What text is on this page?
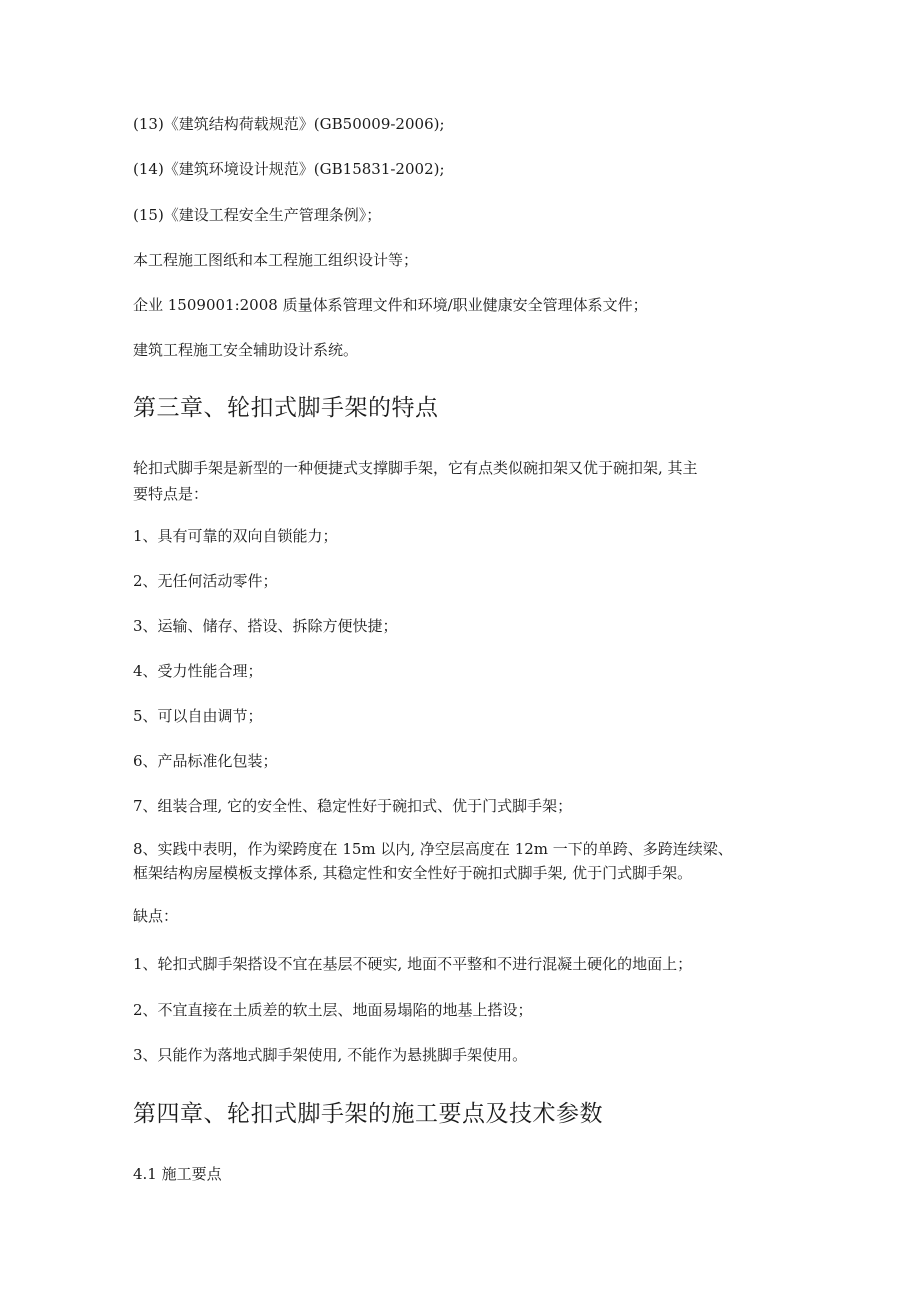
(13)《建筑结构荷载规范》(GB50009-2006);
(14)《建筑环境设计规范》(GB15831-2002);
(15)《建设工程安全生产管理条例》；
本工程施工图纸和本工程施工组织设计等；
企业 1509001:2008 质量体系管理文件和环境/职业健康安全管理体系文件；
建筑工程施工安全辅助设计系统。
第三章、轮扣式脚手架的特点
轮扣式脚手架是新型的一种便捷式支撑脚手架，它有点类似碗扣架又优于碗扣架, 其主
要特点是：
1、具有可靠的双向自锁能力；
2、无任何活动零件；
3、运输、储存、搭设、拆除方便快捷；
4、受力性能合理；
5、可以自由调节；
6、产品标准化包装；
7、组装合理, 它的安全性、稳定性好于碗扣式、优于门式脚手架；
8、实践中表明，作为梁跨度在 15m 以内, 净空层高度在 12m 一下的单跨、多跨连续梁、
框架结构房屋模板支撑体系, 其稳定性和安全性好于碗扣式脚手架, 优于门式脚手架。
缺点：
1、轮扣式脚手架搭设不宜在基层不硬实, 地面不平整和不进行混凝土硬化的地面上；
2、不宜直接在土质差的软土层、地面易塌陷的地基上搭设；
3、只能作为落地式脚手架使用, 不能作为悬挑脚手架使用。
第四章、轮扣式脚手架的施工要点及技术参数
4.1 施工要点
